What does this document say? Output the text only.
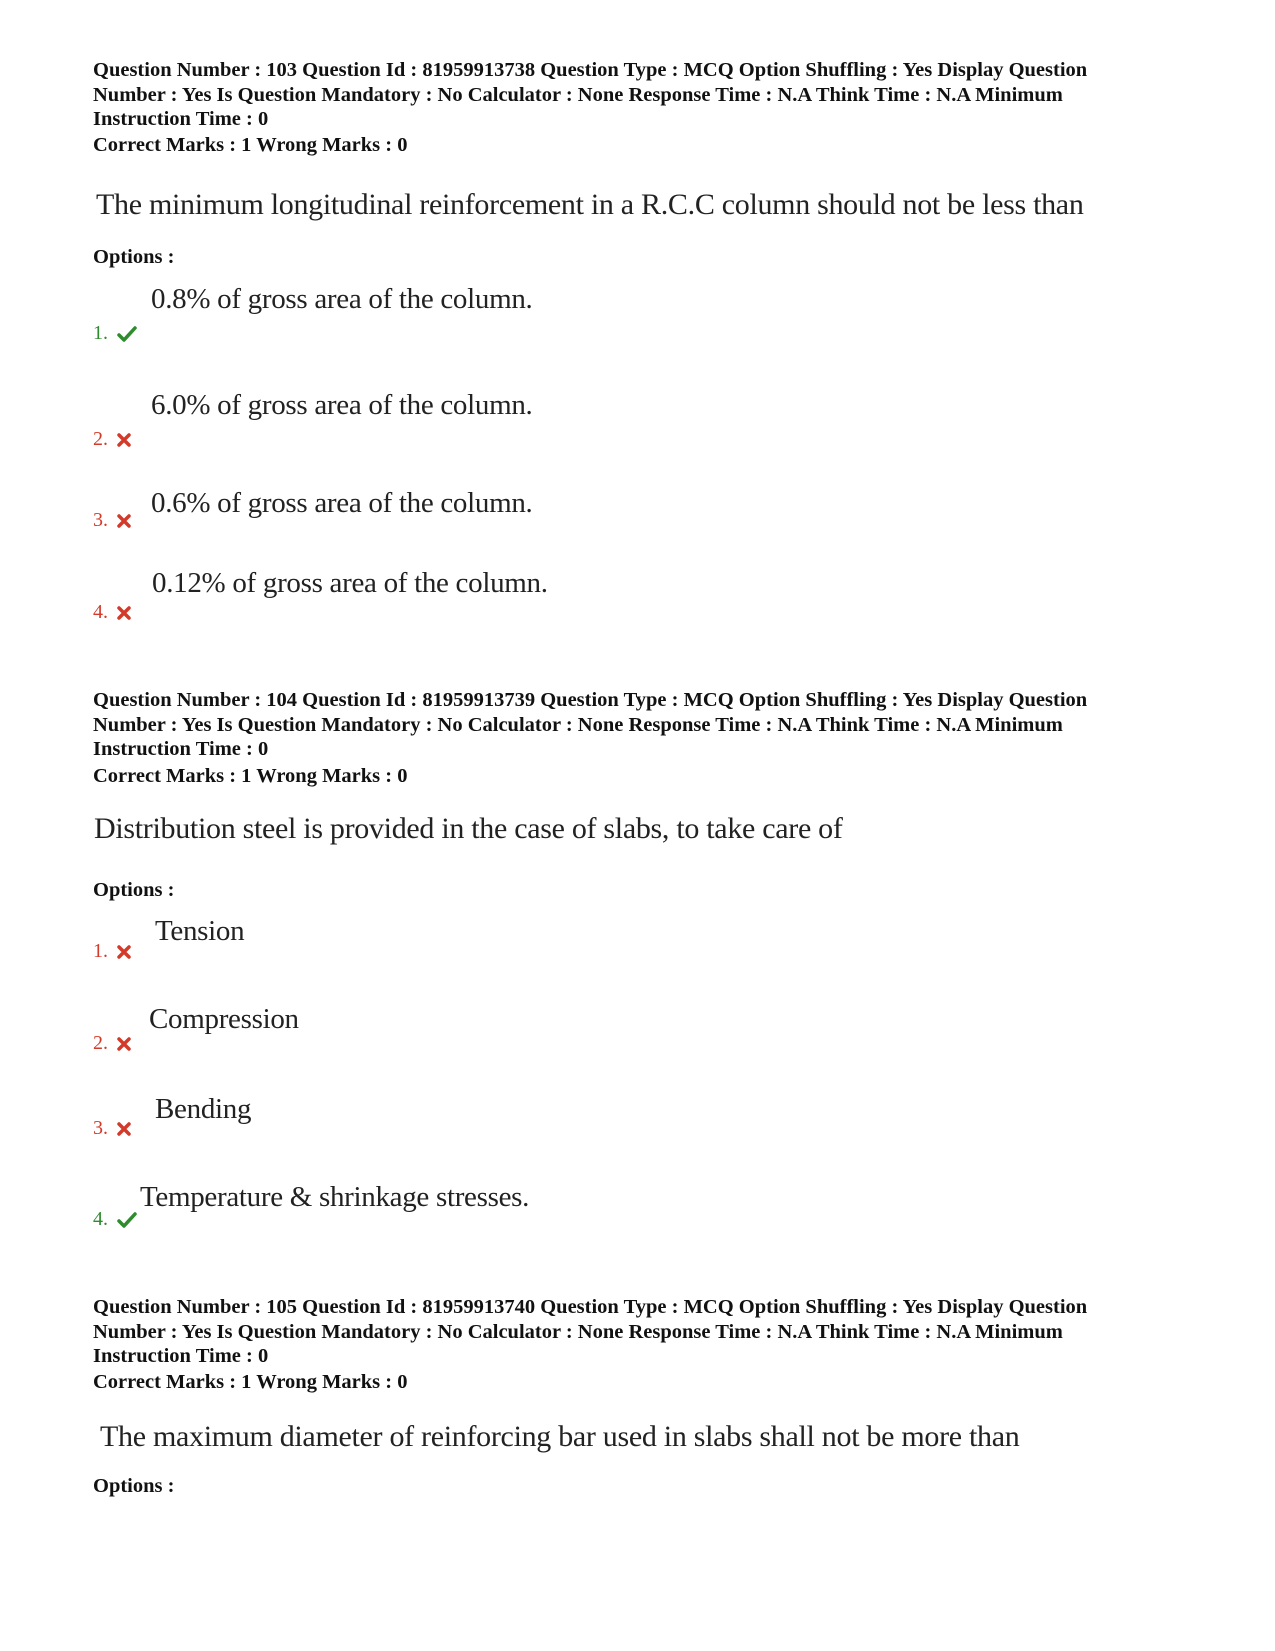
Question Number : 103 Question Id : 81959913738 Question Type : MCQ Option Shuffling : Yes Display Question
Number : Yes Is Question Mandatory : No Calculator : None Response Time : N.A Think Time : N.A Minimum
Instruction Time : 0
Correct Marks : 1 Wrong Marks : 0
The minimum longitudinal reinforcement in a R.C.C column should not be less than
Options :
1.
0.8% of gross area of the column.
2.
6.0% of gross area of the column.
3.
0.6% of gross area of the column.
4.
0.12% of gross area of the column.
Question Number : 104 Question Id : 81959913739 Question Type : MCQ Option Shuffling : Yes Display Question
Number : Yes Is Question Mandatory : No Calculator : None Response Time : N.A Think Time : N.A Minimum
Instruction Time : 0
Correct Marks : 1 Wrong Marks : 0
Distribution steel is provided in the case of slabs, to take care of
Options :
1.
Tension
2.
Compression
3.
Bending
4.
Temperature & shrinkage stresses.
Question Number : 105 Question Id : 81959913740 Question Type : MCQ Option Shuffling : Yes Display Question
Number : Yes Is Question Mandatory : No Calculator : None Response Time : N.A Think Time : N.A Minimum
Instruction Time : 0
Correct Marks : 1 Wrong Marks : 0
The maximum diameter of reinforcing bar used in slabs shall not be more than
Options :
